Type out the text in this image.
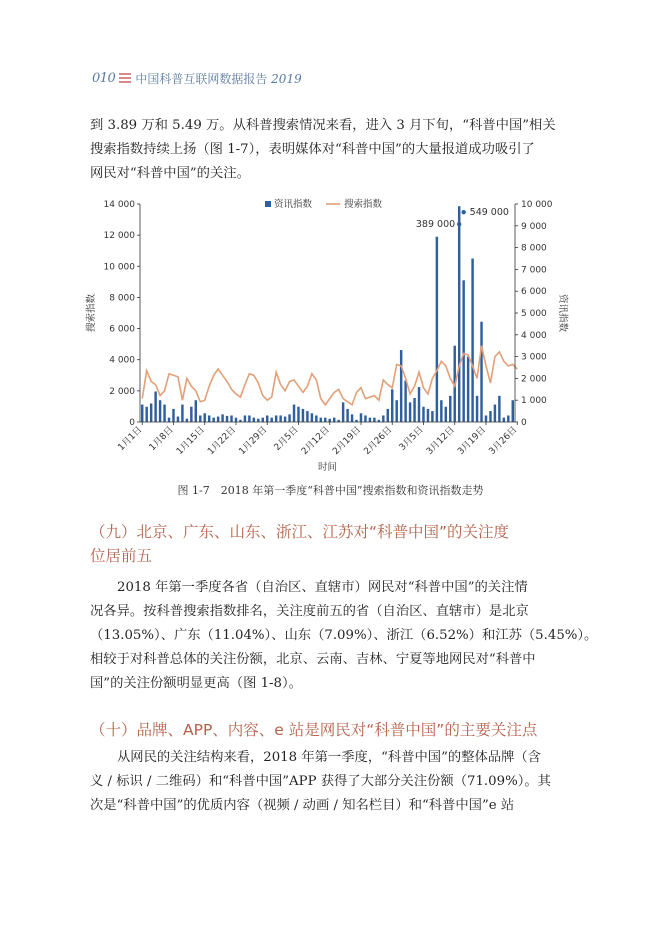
010 中国科普互联网数据报告 2019

到 3.89 万和 5.49 万。从科普搜索情况来看，进入 3 月下旬，“科普中国”相关
搜索指数持续上扬（图 1-7），表明媒体对“科普中国”的大量报道成功吸引了
网民对“科普中国”的关注。

0
2 000
4 000
6 000
8 000
10 000
12 000
14 000
0
1 000
2 000
3 000
4 000
5 000
6 000
7 000
8 000
9 000
10 000
1月1日 1月8日 1月15日 1月22日 1月29日 2月5日 2月12日 2月19日 2月26日 3月5日 3月12日 3月19日 3月26日
时间
搜索指数	资讯指数
资讯指数	搜索指数
389 000
549 000
图 1-7　2018 年第一季度“科普中国”搜索指数和资讯指数走势

（九）北京、广东、山东、浙江、江苏对“科普中国”的关注度
位居前五

2018 年第一季度各省（自治区、直辖市）网民对“科普中国”的关注情
况各异。按科普搜索指数排名，关注度前五的省（自治区、直辖市）是北京
（13.05%）、广东（11.04%）、山东（7.09%）、浙江（6.52%）和江苏（5.45%）。
相较于对科普总体的关注份额，北京、云南、吉林、宁夏等地网民对“科普中
国”的关注份额明显更高（图 1-8）。

（十）品牌、APP、内容、e 站是网民对“科普中国”的主要关注点

从网民的关注结构来看，2018 年第一季度，“科普中国”的整体品牌（含
义 / 标识 / 二维码）和“科普中国”APP 获得了大部分关注份额（71.09%）。其
次是“科普中国”的优质内容（视频 / 动画 / 知名栏目）和“科普中国”e 站
